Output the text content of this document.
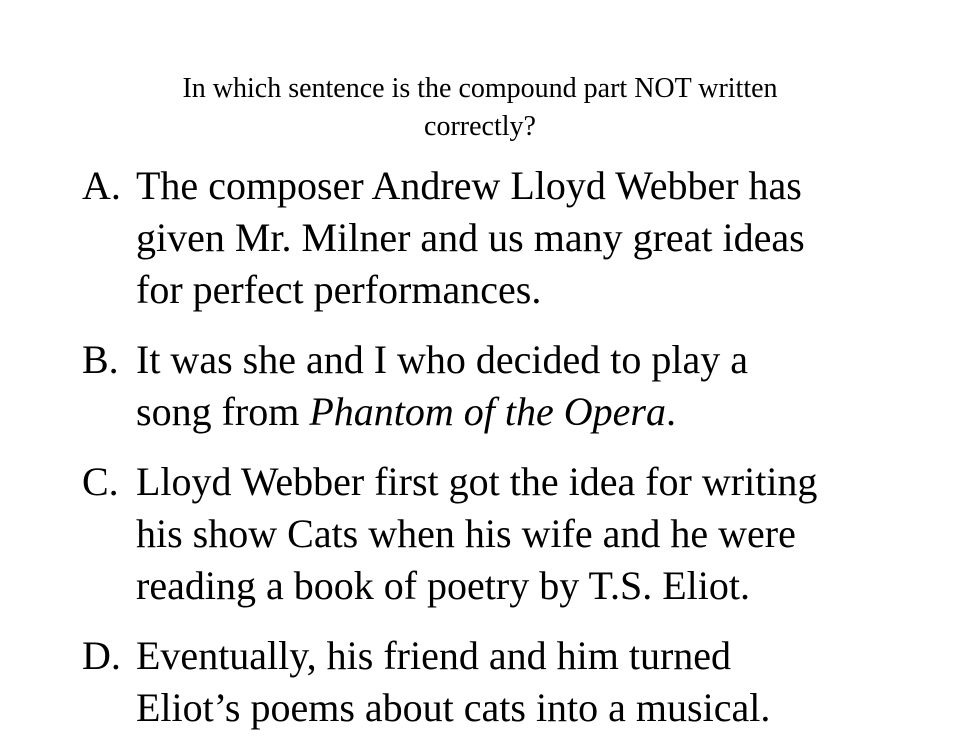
In which sentence is the compound part NOT written
correctly?
A. The composer Andrew Lloyd Webber has
given Mr. Milner and us many great ideas
for perfect performances.
B. It was she and I who decided to play a
song from Phantom of the Opera.
C. Lloyd Webber first got the idea for writing
his show Cats when his wife and he were
reading a book of poetry by T.S. Eliot.
D. Eventually, his friend and him turned
Eliot’s poems about cats into a musical.
